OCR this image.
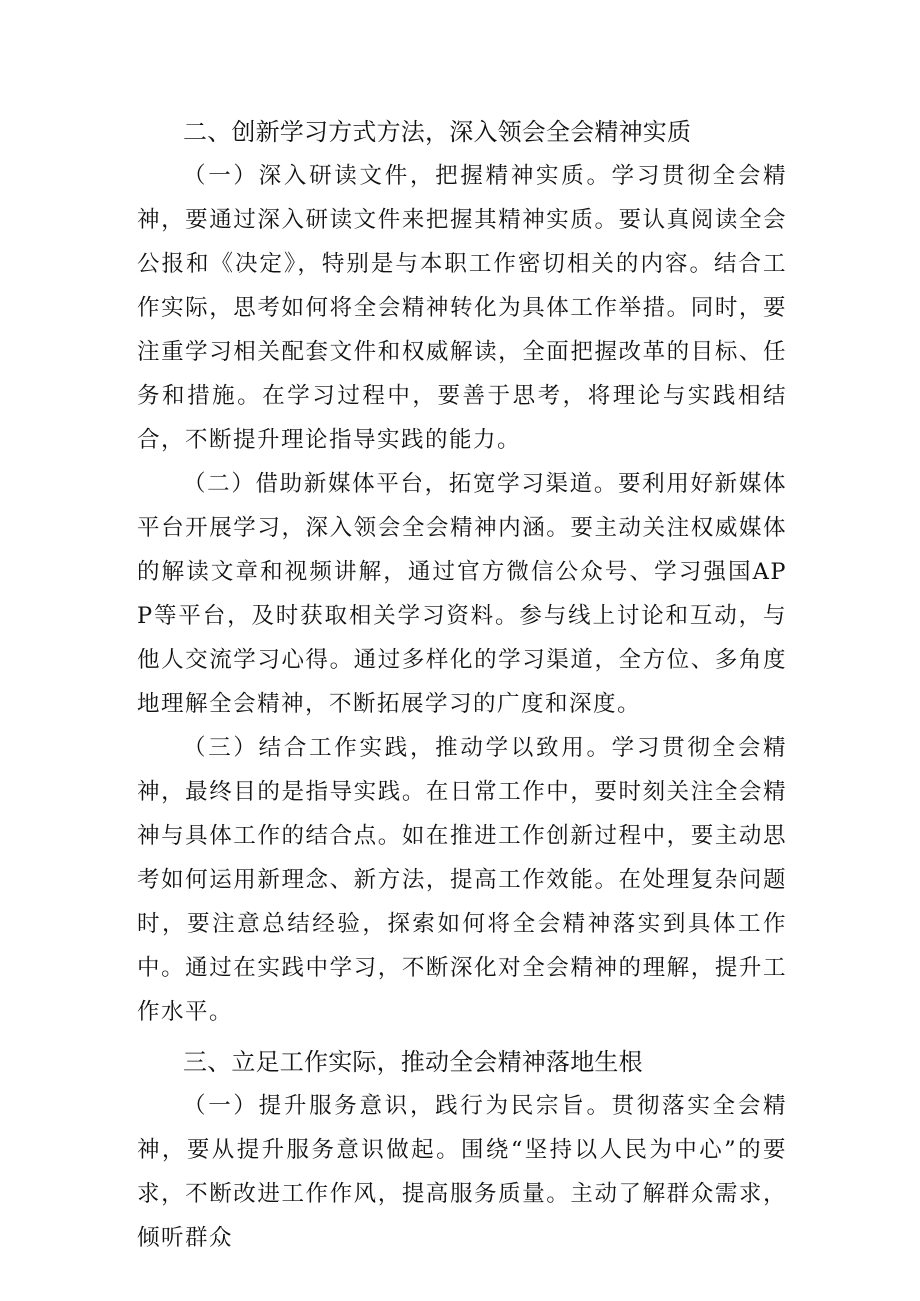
二、创新学习方式方法，深入领会全会精神实质

（一）深入研读文件，把握精神实质。学习贯彻全会精神，要通过深入研读文件来把握其精神实质。要认真阅读全会公报和《决定》，特别是与本职工作密切相关的内容。结合工作实际，思考如何将全会精神转化为具体工作举措。同时，要注重学习相关配套文件和权威解读，全面把握改革的目标、任务和措施。在学习过程中，要善于思考，将理论与实践相结合，不断提升理论指导实践的能力。

（二）借助新媒体平台，拓宽学习渠道。要利用好新媒体平台开展学习，深入领会全会精神内涵。要主动关注权威媒体的解读文章和视频讲解，通过官方微信公众号、学习强国APP等平台，及时获取相关学习资料。参与线上讨论和互动，与他人交流学习心得。通过多样化的学习渠道，全方位、多角度地理解全会精神，不断拓展学习的广度和深度。

（三）结合工作实践，推动学以致用。学习贯彻全会精神，最终目的是指导实践。在日常工作中，要时刻关注全会精神与具体工作的结合点。如在推进工作创新过程中，要主动思考如何运用新理念、新方法，提高工作效能。在处理复杂问题时，要注意总结经验，探索如何将全会精神落实到具体工作中。通过在实践中学习，不断深化对全会精神的理解，提升工作水平。

三、立足工作实际，推动全会精神落地生根

（一）提升服务意识，践行为民宗旨。贯彻落实全会精神，要从提升服务意识做起。围绕“坚持以人民为中心”的要求，不断改进工作作风，提高服务质量。主动了解群众需求，倾听群众
